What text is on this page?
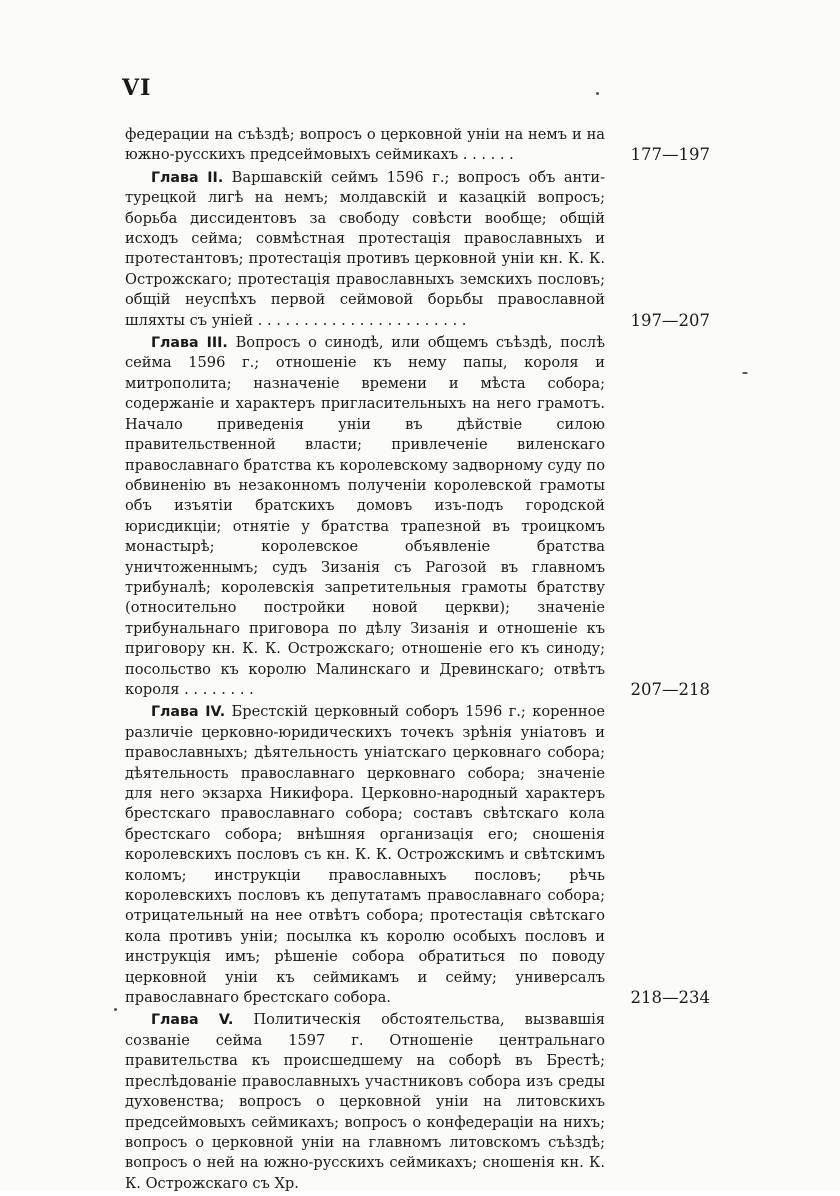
VI
федерации на съѣздѣ; вопросъ о церковной уніи на немъ и на южно-русскихъ предсеймовыхъ сеймикахъ . . . . . .	177—197
Глава II. Варшавскій сеймъ 1596 г.; вопросъ объ анти-турецкой лигѣ на немъ; молдавскій и казацкій вопросъ; борьба диссидентовъ за свободу совѣсти вообще; общій исходъ сейма; совмѣстная протестація православныхъ и протестантовъ; протестація противъ церковной уніи кн. К. К. Острожскаго; протестація православныхъ земскихъ пословъ; общій неуспѣхъ первой сеймовой борьбы православной шляхты съ уніей . . . . . . . . . . . . . . . . . . . . . . .	197—207
Глава III. Вопросъ о синодѣ, или общемъ съѣздѣ, послѣ сейма 1596 г.; отношеніе къ нему папы, короля и митрополита; назначеніе времени и мѣста собора; содержаніе и характеръ пригласительныхъ на него грамотъ. Начало приведенія уніи въ дѣйствіе силою правительственной власти; привлеченіе виленскаго православнаго братства къ королевскому задворному суду по обвиненію въ незаконномъ полученіи королевской грамоты объ изъятіи братскихъ домовъ изъ-подъ городской юрисдикціи; отнятіе у братства трапезной въ троицкомъ монастырѣ; королевское объявленіе братства уничтоженнымъ; судъ Зизанія съ Рагозой въ главномъ трибуналѣ; королевскія запретительныя грамоты братству (относительно постройки новой церкви); значеніе трибунальнаго приговора по дѣлу Зизанія и отношеніе къ приговору кн. К. К. Острожскаго; отношеніе его къ синоду; посольство къ королю Малинскаго и Древинскаго; отвѣтъ короля . . . . . . . .	207—218
Глава IV. Брестскій церковный соборъ 1596 г.; коренное различіе церковно-юридическихъ точекъ зрѣнія уніатовъ и православныхъ; дѣятельность уніатскаго церковнаго собора; дѣятельность православнаго церковнаго собора; значеніе для него экзарха Никифора. Церковно-народный характеръ брестскаго православнаго собора; составъ свѣтскаго кола брестскаго собора; внѣшняя организація его; сношенія королевскихъ пословъ съ кн. К. К. Острожскимъ и свѣтскимъ коломъ; инструкціи православныхъ пословъ; рѣчь королевскихъ пословъ къ депутатамъ православнаго собора; отрицательный на нее отвѣтъ собора; протестація свѣтскаго кола противъ уніи; посылка къ королю особыхъ пословъ и инструкція имъ; рѣшеніе собора обратиться по поводу церковной уніи къ сеймикамъ и сейму; универсалъ православнаго брестскаго собора.	218—234
Глава V. Политическія обстоятельства, вызвавшія созваніе сейма 1597 г. Отношеніе центральнаго правительства къ происшедшему на соборѣ въ Брестѣ; преслѣдованіе православныхъ участниковъ собора изъ среды духовенства; вопросъ о церковной уніи на литовскихъ предсеймовыхъ сеймикахъ; вопросъ о конфедераціи на нихъ; вопросъ о церковной уніи на главномъ литовскомъ съѣздѣ; вопросъ о ней на южно-русскихъ сеймикахъ; сношенія кн. К. К. Острожскаго съ Хр.
